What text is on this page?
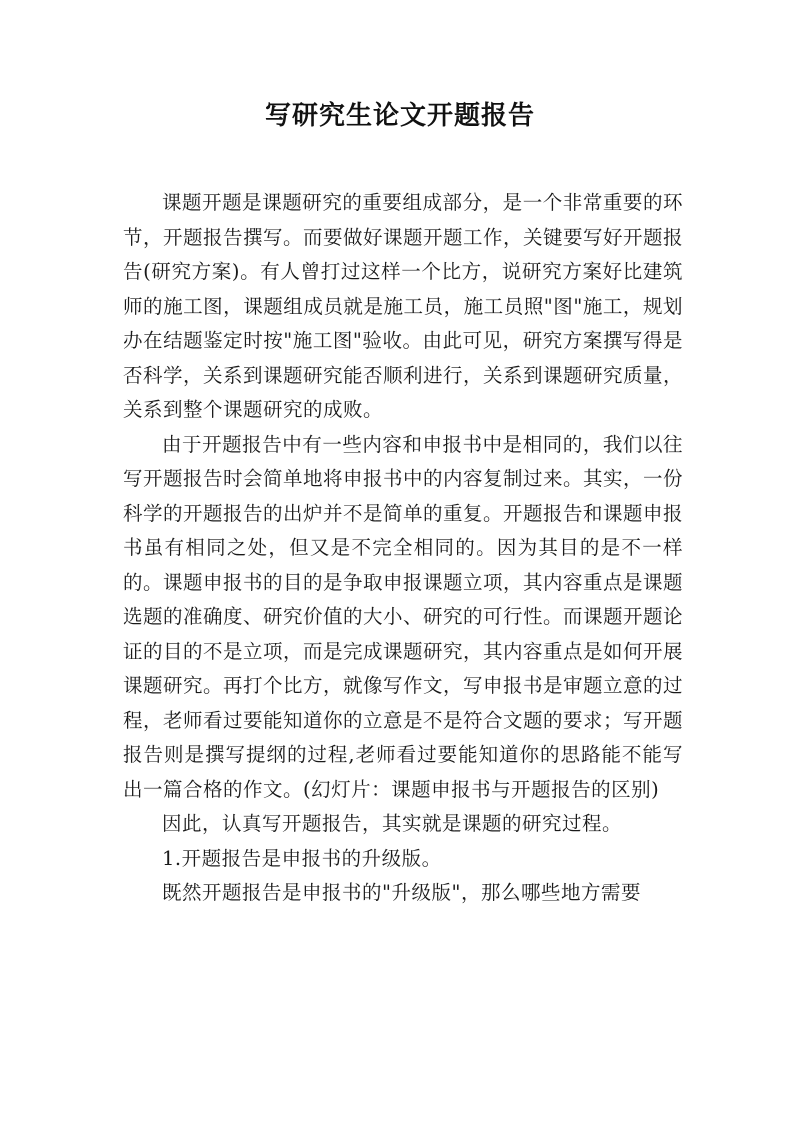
写研究生论文开题报告

课题开题是课题研究的重要组成部分，是一个非常重要的环节，开题报告撰写。而要做好课题开题工作，关键要写好开题报告(研究方案)。有人曾打过这样一个比方，说研究方案好比建筑师的施工图，课题组成员就是施工员，施工员照"图"施工，规划办在结题鉴定时按"施工图"验收。由此可见，研究方案撰写得是否科学，关系到课题研究能否顺利进行，关系到课题研究质量，关系到整个课题研究的成败。

由于开题报告中有一些内容和申报书中是相同的，我们以往写开题报告时会简单地将申报书中的内容复制过来。其实，一份科学的开题报告的出炉并不是简单的重复。开题报告和课题申报书虽有相同之处，但又是不完全相同的。因为其目的是不一样的。课题申报书的目的是争取申报课题立项，其内容重点是课题选题的准确度、研究价值的大小、研究的可行性。而课题开题论证的目的不是立项，而是完成课题研究，其内容重点是如何开展课题研究。再打个比方，就像写作文，写申报书是审题立意的过程，老师看过要能知道你的立意是不是符合文题的要求；写开题报告则是撰写提纲的过程,老师看过要能知道你的思路能不能写出一篇合格的作文。(幻灯片：课题申报书与开题报告的区别)

因此，认真写开题报告，其实就是课题的研究过程。

1.开题报告是申报书的升级版。

既然开题报告是申报书的"升级版"，那么哪些地方需要
